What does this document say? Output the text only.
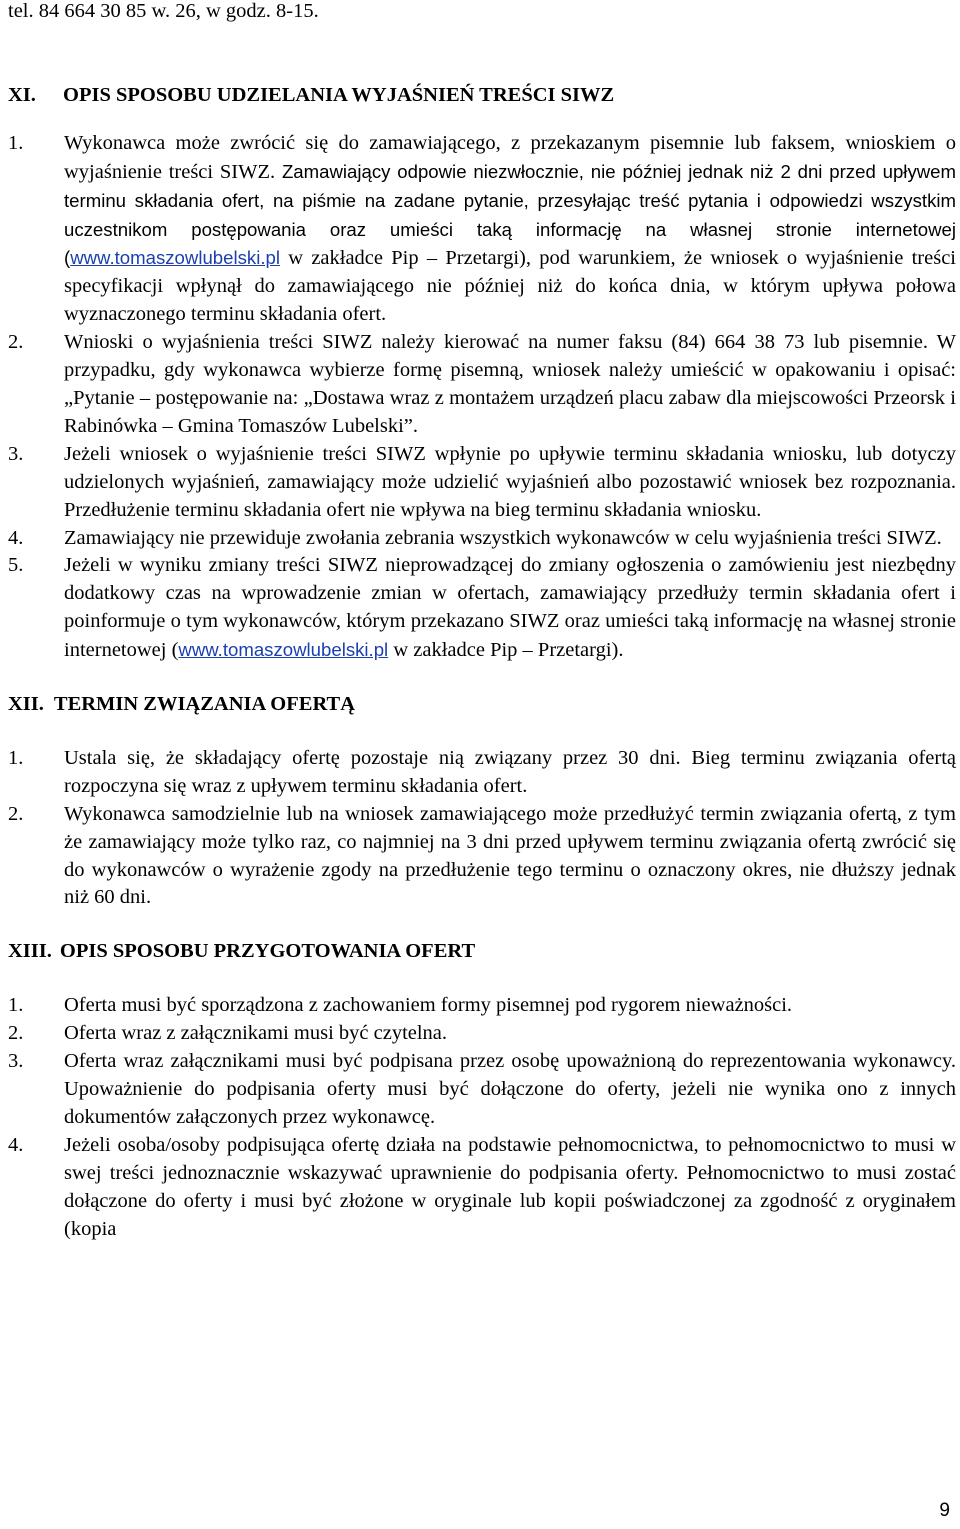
tel. 84 664 30 85 w. 26, w godz. 8-15.

XI.	OPIS SPOSOBU UDZIELANIA WYJAŚNIEŃ TREŚCI SIWZ
1.	Wykonawca może zwrócić się do zamawiającego, z przekazanym pisemnie lub faksem, wnioskiem o wyjaśnienie treści SIWZ. Zamawiający odpowie niezwłocznie, nie później jednak niż 2 dni przed upływem terminu składania ofert, na piśmie na zadane pytanie, przesyłając treść pytania i odpowiedzi wszystkim uczestnikom postępowania oraz umieści taką informację na własnej stronie internetowej (www.tomaszowlubelski.pl w zakładce Pip – Przetargi), pod warunkiem, że wniosek o wyjaśnienie treści specyfikacji wpłynął do zamawiającego nie później niż do końca dnia, w którym upływa połowa wyznaczonego terminu składania ofert.
2.	Wnioski o wyjaśnienia treści SIWZ należy kierować na numer faksu (84) 664 38 73 lub pisemnie. W przypadku, gdy wykonawca wybierze formę pisemną, wniosek należy umieścić w opakowaniu i opisać: „Pytanie – postępowanie na: „Dostawa wraz z montażem urządzeń placu zabaw dla miejscowości Przeorsk i Rabinówka – Gmina Tomaszów Lubelski”.
3.	Jeżeli wniosek o wyjaśnienie treści SIWZ wpłynie po upływie terminu składania wniosku, lub dotyczy udzielonych wyjaśnień, zamawiający może udzielić wyjaśnień albo pozostawić wniosek bez rozpoznania. Przedłużenie terminu składania ofert nie wpływa na bieg terminu składania wniosku.
4.	Zamawiający nie przewiduje zwołania zebrania wszystkich wykonawców w celu wyjaśnienia treści SIWZ.
5.	Jeżeli w wyniku zmiany treści SIWZ nieprowadzącej do zmiany ogłoszenia o zamówieniu jest niezbędny dodatkowy czas na wprowadzenie zmian w ofertach, zamawiający przedłuży termin składania ofert i poinformuje o tym wykonawców, którym przekazano SIWZ oraz umieści taką informację na własnej stronie internetowej (www.tomaszowlubelski.pl w zakładce Pip – Przetargi).
XII. TERMIN ZWIĄZANIA OFERTĄ
1.	Ustala się, że składający ofertę pozostaje nią związany przez 30 dni. Bieg terminu związania ofertą rozpoczyna się wraz z upływem terminu składania ofert.
2.	Wykonawca samodzielnie lub na wniosek zamawiającego może przedłużyć termin związania ofertą, z tym że zamawiający może tylko raz, co najmniej na 3 dni przed upływem terminu związania ofertą zwrócić się do wykonawców o wyrażenie zgody na przedłużenie tego terminu o oznaczony okres, nie dłuższy jednak niż 60 dni.
XIII. OPIS SPOSOBU PRZYGOTOWANIA OFERT
1.	Oferta musi być sporządzona z zachowaniem formy pisemnej pod rygorem nieważności.
2.	Oferta wraz z załącznikami musi być czytelna.
3.	Oferta wraz załącznikami musi być podpisana przez osobę upoważnioną do reprezentowania wykonawcy. Upoważnienie do podpisania oferty musi być dołączone do oferty, jeżeli nie wynika ono z innych dokumentów załączonych przez wykonawcę.
4.	Jeżeli osoba/osoby podpisująca ofertę działa na podstawie pełnomocnictwa, to pełnomocnictwo to musi w swej treści jednoznacznie wskazywać uprawnienie do podpisania oferty. Pełnomocnictwo to musi zostać dołączone do oferty i musi być złożone w oryginale lub kopii poświadczonej za zgodność z oryginałem (kopia
9
